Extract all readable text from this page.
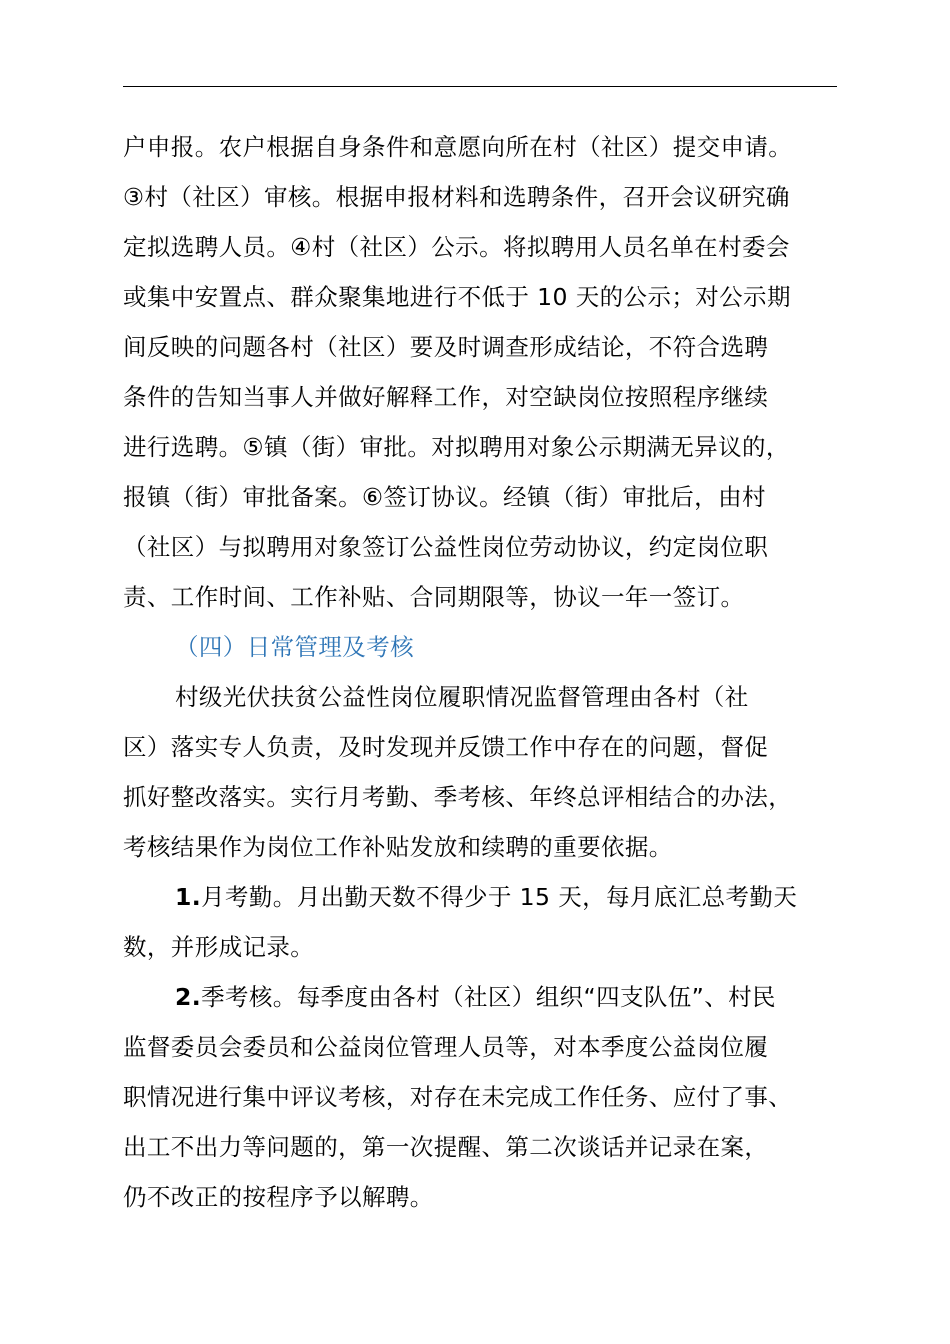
户申报。农户根据自身条件和意愿向所在村（社区）提交申请。
③村（社区）审核。根据申报材料和选聘条件，召开会议研究确
定拟选聘人员。④村（社区）公示。将拟聘用人员名单在村委会
或集中安置点、群众聚集地进行不低于 10 天的公示；对公示期
间反映的问题各村（社区）要及时调查形成结论，不符合选聘
条件的告知当事人并做好解释工作，对空缺岗位按照程序继续
进行选聘。⑤镇（街）审批。对拟聘用对象公示期满无异议的，
报镇（街）审批备案。⑥签订协议。经镇（街）审批后，由村
（社区）与拟聘用对象签订公益性岗位劳动协议，约定岗位职
责、工作时间、工作补贴、合同期限等，协议一年一签订。
（四）日常管理及考核
村级光伏扶贫公益性岗位履职情况监督管理由各村（社
区）落实专人负责，及时发现并反馈工作中存在的问题，督促
抓好整改落实。实行月考勤、季考核、年终总评相结合的办法，
考核结果作为岗位工作补贴发放和续聘的重要依据。
1.月考勤。月出勤天数不得少于 15 天，每月底汇总考勤天
数，并形成记录。
2.季考核。每季度由各村（社区）组织“四支队伍”、村民
监督委员会委员和公益岗位管理人员等，对本季度公益岗位履
职情况进行集中评议考核，对存在未完成工作任务、应付了事、
出工不出力等问题的，第一次提醒、第二次谈话并记录在案，
仍不改正的按程序予以解聘。
